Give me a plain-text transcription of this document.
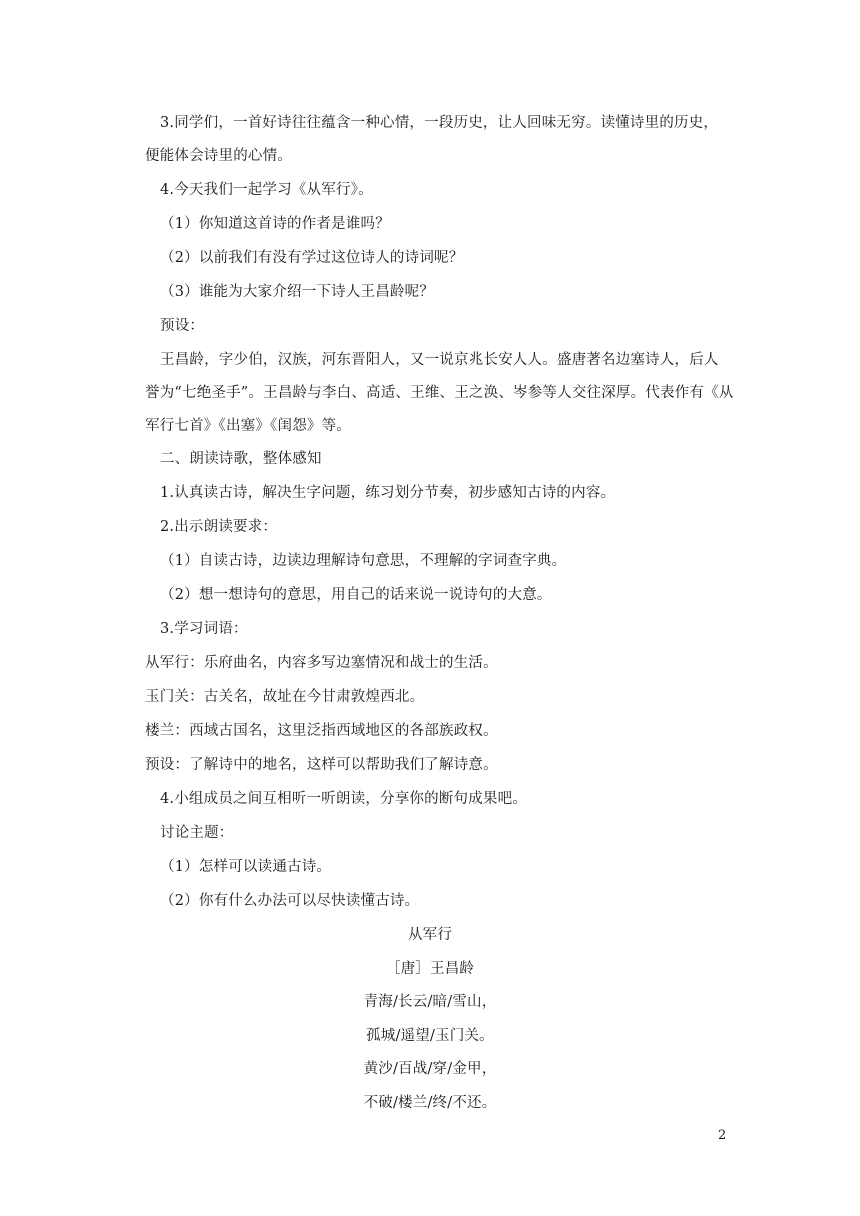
3.同学们，一首好诗往往蕴含一种心情，一段历史，让人回味无穷。读懂诗里的历史，
便能体会诗里的心情。
4.今天我们一起学习《从军行》。
（1）你知道这首诗的作者是谁吗？
（2）以前我们有没有学过这位诗人的诗词呢？
（3）谁能为大家介绍一下诗人王昌龄呢？
预设：
王昌龄，字少伯，汉族，河东晋阳人，又一说京兆长安人人。盛唐著名边塞诗人，后人
誉为“七绝圣手”。王昌龄与李白、高适、王维、王之涣、岑参等人交往深厚。代表作有《从
军行七首》《出塞》《闺怨》等。
二、朗读诗歌，整体感知
1.认真读古诗，解决生字问题，练习划分节奏，初步感知古诗的内容。
2.出示朗读要求：
（1）自读古诗，边读边理解诗句意思，不理解的字词查字典。
（2）想一想诗句的意思，用自己的话来说一说诗句的大意。
3.学习词语：
从军行：乐府曲名，内容多写边塞情况和战士的生活。
玉门关：古关名，故址在今甘肃敦煌西北。
楼兰：西域古国名，这里泛指西域地区的各部族政权。
预设：了解诗中的地名，这样可以帮助我们了解诗意。
4.小组成员之间互相听一听朗读，分享你的断句成果吧。
讨论主题：
（1）怎样可以读通古诗。
（2）你有什么办法可以尽快读懂古诗。
从军行
［唐］王昌龄
青海/长云/暗/雪山，
孤城/遥望/玉门关。
黄沙/百战/穿/金甲，
不破/楼兰/终/不还。
2
